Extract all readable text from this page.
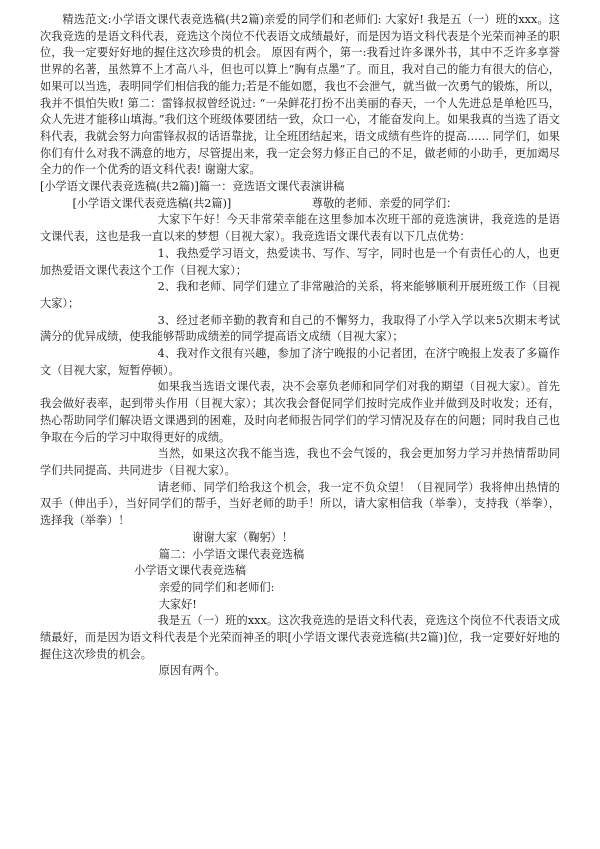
精选范文:小学语文课代表竞选稿(共2篇)亲爱的同学们和老师们: 大家好! 我是五（一）班的xxx。这次我竞选的是语文科代表，竞选这个岗位不代表语文成绩最好，而是因为语文科代表是个光荣而神圣的职位，我一定要好好地的握住这次珍贵的机会。 原因有两个，第一:我看过许多课外书，其中不乏许多享誉世界的名著，虽然算不上才高八斗，但也可以算上“胸有点墨”了。而且，我对自己的能力有很大的信心，如果可以当选，表明同学们相信我的能力;若是不能如愿，我也不会泄气，就当做一次勇气的锻炼，所以，我并不惧怕失败! 第二：雷锋叔叔曾经说过: “一朵鲜花打扮不出美丽的春天，一个人先进总是单枪匹马，众人先进才能移山填海。”我们这个班级体要团结一致，众口一心，才能奋发向上。如果我真的当选了语文科代表，我就会努力向雷锋叔叔的话语靠拢，让全班团结起来，语文成绩有些许的提高…… 同学们，如果你们有什么对我不满意的地方，尽管提出来，我一定会努力修正自己的不足，做老师的小助手，更加竭尽全力的作一个优秀的语文科代表! 谢谢大家。

[小学语文课代表竞选稿(共2篇)]篇一：竞选语文课代表演讲稿

[小学语文课代表竞选稿(共2篇)]	尊敬的老师、亲爱的同学们：

大家下午好！今天非常荣幸能在这里参加本次班干部的竞选演讲，我竞选的是语文课代表，这也是我一直以来的梦想（目视大家）。我竞选语文课代表有以下几点优势：

1、我热爱学习语文，热爱读书、写作、写字，同时也是一个有责任心的人，也更加热爱语文课代表这个工作（目视大家）；

2、我和老师、同学们建立了非常融洽的关系，将来能够顺利开展班级工作（目视大家）；

3、经过老师辛勤的教育和自己的不懈努力，我取得了小学入学以来5次期末考试满分的优异成绩，使我能够帮助成绩差的同学提高语文成绩（目视大家）；

4、我对作文很有兴趣，参加了济宁晚报的小记者团，在济宁晚报上发表了多篇作文（目视大家，短暂停顿）。

如果我当选语文课代表，决不会辜负老师和同学们对我的期望（目视大家）。首先我会做好表率，起到带头作用（目视大家）；其次我会督促同学们按时完成作业并做到及时收发；还有，热心帮助同学们解决语文课遇到的困难，及时向老师报告同学们的学习情况及存在的问题；同时我自己也争取在今后的学习中取得更好的成绩。

当然，如果这次我不能当选，我也不会气馁的，我会更加努力学习并热情帮助同学们共同提高、共同进步（目视大家）。

请老师、同学们给我这个机会，我一定不负众望！（目视同学）我将伸出热情的双手（伸出手），当好同学们的帮手，当好老师的助手！所以，请大家相信我（举拳），支持我（举拳），选择我（举拳）！

谢谢大家（鞠躬）！

篇二：小学语文课代表竞选稿

小学语文课代表竞选稿

亲爱的同学们和老师们:

大家好!

我是五（一）班的xxx。这次我竞选的是语文科代表，竞选这个岗位不代表语文成绩最好，而是因为语文科代表是个光荣而神圣的职[小学语文课代表竞选稿(共2篇)]位，我一定要好好地的握住这次珍贵的机会。

原因有两个。
